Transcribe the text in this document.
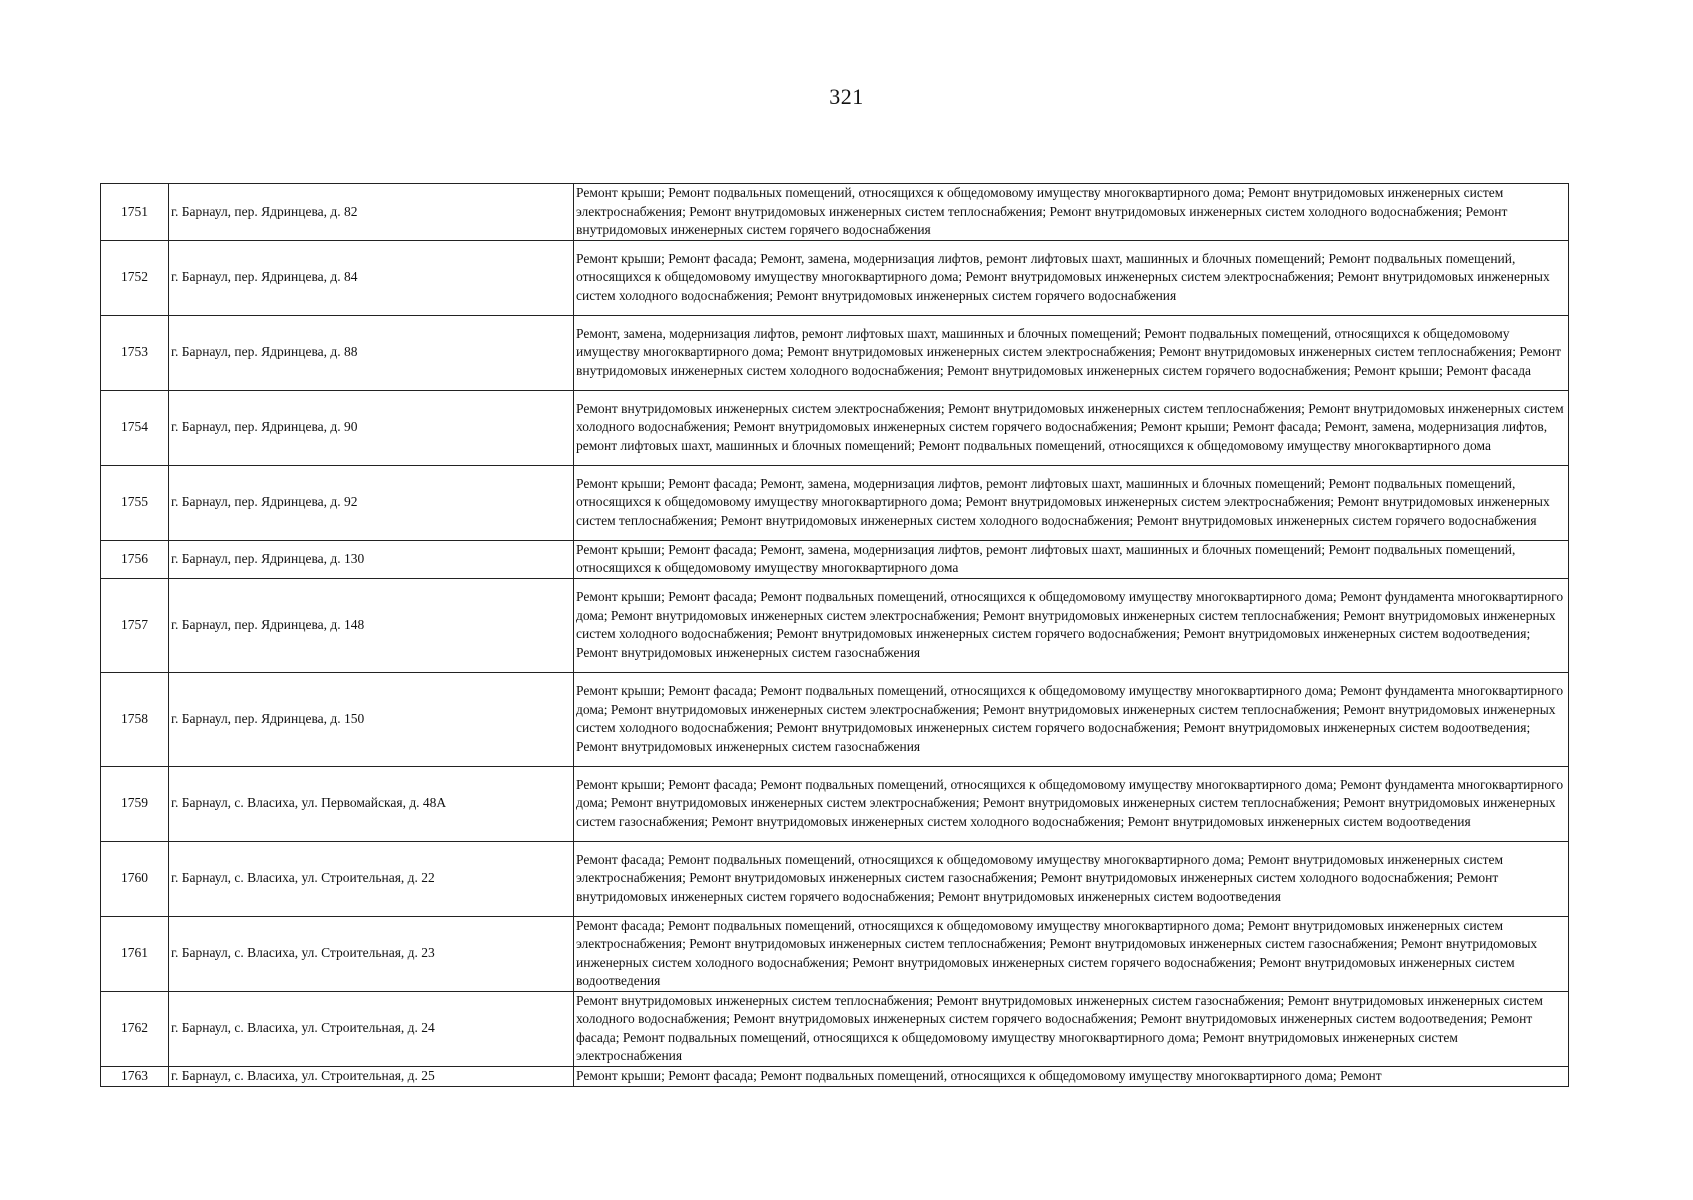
321
1751	г. Барнаул, пер. Ядринцева, д. 82	Ремонт крыши; Ремонт подвальных помещений, относящихся к общедомовому имуществу многоквартирного дома; Ремонт внутридомовых инженерных систем электроснабжения; Ремонт внутридомовых инженерных систем теплоснабжения; Ремонт внутридомовых инженерных систем холодного водоснабжения; Ремонт внутридомовых инженерных систем горячего водоснабжения
1752	г. Барнаул, пер. Ядринцева, д. 84	Ремонт крыши; Ремонт фасада; Ремонт, замена, модернизация лифтов, ремонт лифтовых шахт, машинных и блочных помещений; Ремонт подвальных помещений, относящихся к общедомовому имуществу многоквартирного дома; Ремонт внутридомовых инженерных систем электроснабжения; Ремонт внутридомовых инженерных систем холодного водоснабжения; Ремонт внутридомовых инженерных систем горячего водоснабжения
1753	г. Барнаул, пер. Ядринцева, д. 88	Ремонт, замена, модернизация лифтов, ремонт лифтовых шахт, машинных и блочных помещений; Ремонт подвальных помещений, относящихся к общедомовому имуществу многоквартирного дома; Ремонт внутридомовых инженерных систем электроснабжения; Ремонт внутридомовых инженерных систем теплоснабжения; Ремонт внутридомовых инженерных систем холодного водоснабжения; Ремонт внутридомовых инженерных систем горячего водоснабжения; Ремонт крыши; Ремонт фасада
1754	г. Барнаул, пер. Ядринцева, д. 90	Ремонт внутридомовых инженерных систем электроснабжения; Ремонт внутридомовых инженерных систем теплоснабжения; Ремонт внутридомовых инженерных систем холодного водоснабжения; Ремонт внутридомовых инженерных систем горячего водоснабжения; Ремонт крыши; Ремонт фасада; Ремонт, замена, модернизация лифтов, ремонт лифтовых шахт, машинных и блочных помещений; Ремонт подвальных помещений, относящихся к общедомовому имуществу многоквартирного дома
1755	г. Барнаул, пер. Ядринцева, д. 92	Ремонт крыши; Ремонт фасада; Ремонт, замена, модернизация лифтов, ремонт лифтовых шахт, машинных и блочных помещений; Ремонт подвальных помещений, относящихся к общедомовому имуществу многоквартирного дома; Ремонт внутридомовых инженерных систем электроснабжения; Ремонт внутридомовых инженерных систем теплоснабжения; Ремонт внутридомовых инженерных систем холодного водоснабжения; Ремонт внутридомовых инженерных систем горячего водоснабжения
1756	г. Барнаул, пер. Ядринцева, д. 130	Ремонт крыши; Ремонт фасада; Ремонт, замена, модернизация лифтов, ремонт лифтовых шахт, машинных и блочных помещений; Ремонт подвальных помещений, относящихся к общедомовому имуществу многоквартирного дома
1757	г. Барнаул, пер. Ядринцева, д. 148	Ремонт крыши; Ремонт фасада; Ремонт подвальных помещений, относящихся к общедомовому имуществу многоквартирного дома; Ремонт фундамента многоквартирного дома; Ремонт внутридомовых инженерных систем электроснабжения; Ремонт внутридомовых инженерных систем теплоснабжения; Ремонт внутридомовых инженерных систем холодного водоснабжения; Ремонт внутридомовых инженерных систем горячего водоснабжения; Ремонт внутридомовых инженерных систем водоотведения; Ремонт внутридомовых инженерных систем газоснабжения
1758	г. Барнаул, пер. Ядринцева, д. 150	Ремонт крыши; Ремонт фасада; Ремонт подвальных помещений, относящихся к общедомовому имуществу многоквартирного дома; Ремонт фундамента многоквартирного дома; Ремонт внутридомовых инженерных систем электроснабжения; Ремонт внутридомовых инженерных систем теплоснабжения; Ремонт внутридомовых инженерных систем холодного водоснабжения; Ремонт внутридомовых инженерных систем горячего водоснабжения; Ремонт внутридомовых инженерных систем водоотведения; Ремонт внутридомовых инженерных систем газоснабжения
1759	г. Барнаул, с. Власиха, ул. Первомайская, д. 48А	Ремонт крыши; Ремонт фасада; Ремонт подвальных помещений, относящихся к общедомовому имуществу многоквартирного дома; Ремонт фундамента многоквартирного дома; Ремонт внутридомовых инженерных систем электроснабжения; Ремонт внутридомовых инженерных систем теплоснабжения; Ремонт внутридомовых инженерных систем газоснабжения; Ремонт внутридомовых инженерных систем холодного водоснабжения; Ремонт внутридомовых инженерных систем водоотведения
1760	г. Барнаул, с. Власиха, ул. Строительная, д. 22	Ремонт фасада; Ремонт подвальных помещений, относящихся к общедомовому имуществу многоквартирного дома; Ремонт внутридомовых инженерных систем электроснабжения; Ремонт внутридомовых инженерных систем газоснабжения; Ремонт внутридомовых инженерных систем холодного водоснабжения; Ремонт внутридомовых инженерных систем горячего водоснабжения; Ремонт внутридомовых инженерных систем водоотведения
1761	г. Барнаул, с. Власиха, ул. Строительная, д. 23	Ремонт фасада; Ремонт подвальных помещений, относящихся к общедомовому имуществу многоквартирного дома; Ремонт внутридомовых инженерных систем электроснабжения; Ремонт внутридомовых инженерных систем теплоснабжения; Ремонт внутридомовых инженерных систем газоснабжения; Ремонт внутридомовых инженерных систем холодного водоснабжения; Ремонт внутридомовых инженерных систем горячего водоснабжения; Ремонт внутридомовых инженерных систем водоотведения
1762	г. Барнаул, с. Власиха, ул. Строительная, д. 24	Ремонт внутридомовых инженерных систем теплоснабжения; Ремонт внутридомовых инженерных систем газоснабжения; Ремонт внутридомовых инженерных систем холодного водоснабжения; Ремонт внутридомовых инженерных систем горячего водоснабжения; Ремонт внутридомовых инженерных систем водоотведения; Ремонт фасада; Ремонт подвальных помещений, относящихся к общедомовому имуществу многоквартирного дома; Ремонт внутридомовых инженерных систем электроснабжения
1763	г. Барнаул, с. Власиха, ул. Строительная, д. 25	Ремонт крыши; Ремонт фасада; Ремонт подвальных помещений, относящихся к общедомовому имуществу многоквартирного дома; Ремонт
